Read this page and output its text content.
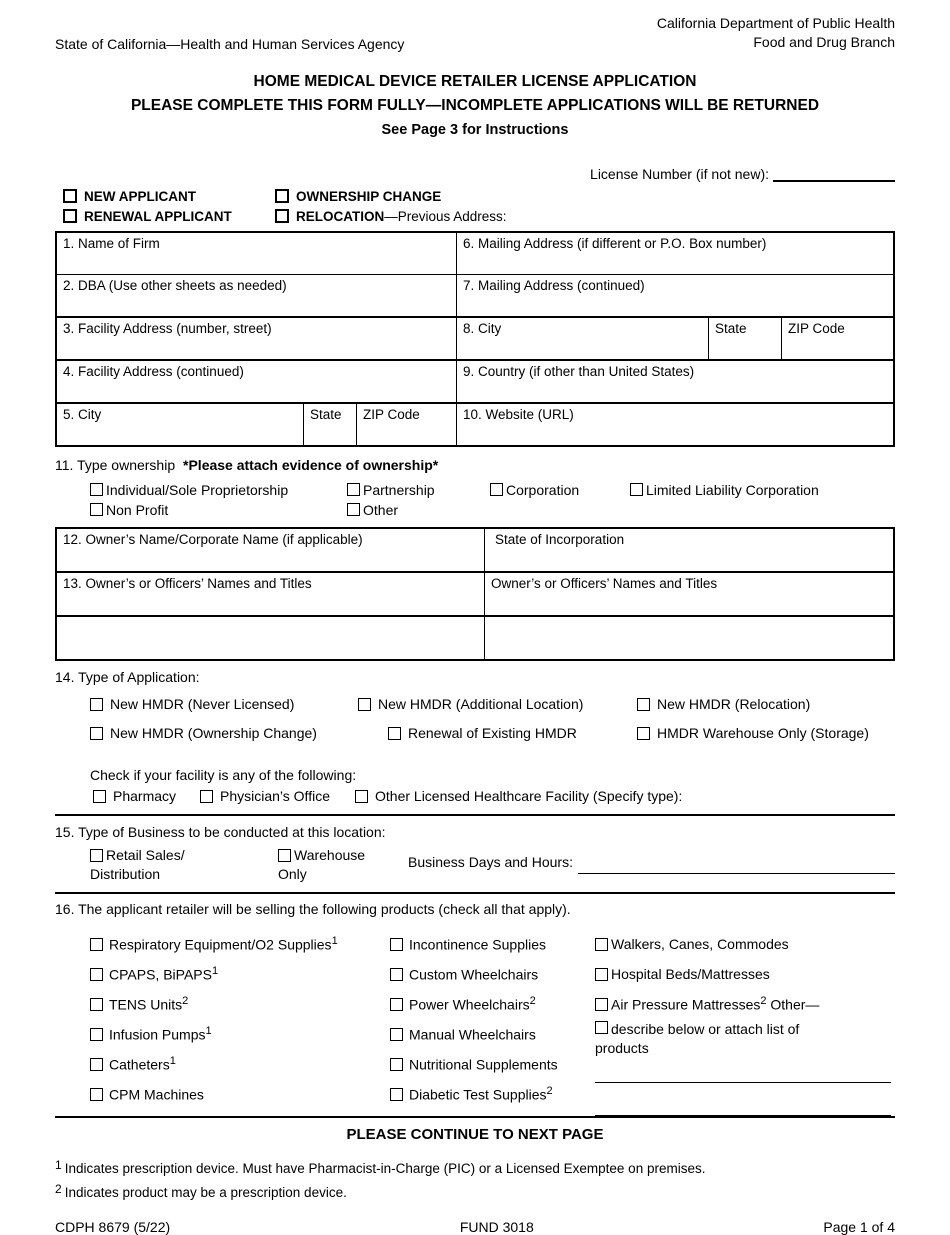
State of California—Health and Human Services Agency
California Department of Public Health
Food and Drug Branch
HOME MEDICAL DEVICE RETAILER LICENSE APPLICATION
PLEASE COMPLETE THIS FORM FULLY—INCOMPLETE APPLICATIONS WILL BE RETURNED
See Page 3 for Instructions
License Number (if not new):
NEW APPLICANT	OWNERSHIP CHANGE
RENEWAL APPLICANT	RELOCATION—Previous Address:
1. Name of Firm	6. Mailing Address (if different or P.O. Box number)
2. DBA (Use other sheets as needed)	7. Mailing Address (continued)
3. Facility Address (number, street)	8. City	State	ZIP Code
4. Facility Address (continued)	9. Country (if other than United States)
5. City	State	ZIP Code	10. Website (URL)
11. Type ownership *Please attach evidence of ownership*
Individual/Sole Proprietorship	Partnership	Corporation	Limited Liability Corporation
Non Profit	Other
12. Owner’s Name/Corporate Name (if applicable)	State of Incorporation
13. Owner’s or Officers’ Names and Titles	Owner’s or Officers’ Names and Titles
14. Type of Application:
New HMDR (Never Licensed)	New HMDR (Additional Location)	New HMDR (Relocation)
New HMDR (Ownership Change)	Renewal of Existing HMDR	HMDR Warehouse Only (Storage)
Check if your facility is any of the following:
Pharmacy	Physician’s Office	Other Licensed Healthcare Facility (Specify type):
15. Type of Business to be conducted at this location:
Retail Sales/
Distribution
Warehouse
Only
Business Days and Hours:
16. The applicant retailer will be selling the following products (check all that apply).
Respiratory Equipment/O2 Supplies$^1$
CPAPS, BiPAPS$^1$
TENS Units$^2$
Infusion Pumps$^1$
Catheters$^1$
CPM Machines
Incontinence Supplies
Custom Wheelchairs
Power Wheelchairs$^2$
Manual Wheelchairs
Nutritional Supplements
Diabetic Test Supplies$^2$
Walkers, Canes, Commodes
Hospital Beds/Mattresses
Air Pressure Mattresses$^2$ Other—
describe below or attach list of
products
PLEASE CONTINUE TO NEXT PAGE
$^1$ Indicates prescription device. Must have Pharmacist-in-Charge (PIC) or a Licensed Exemptee on premises.
$^2$ Indicates product may be a prescription device.
CDPH 8679 (5/22)	FUND 3018	Page 1 of 4
